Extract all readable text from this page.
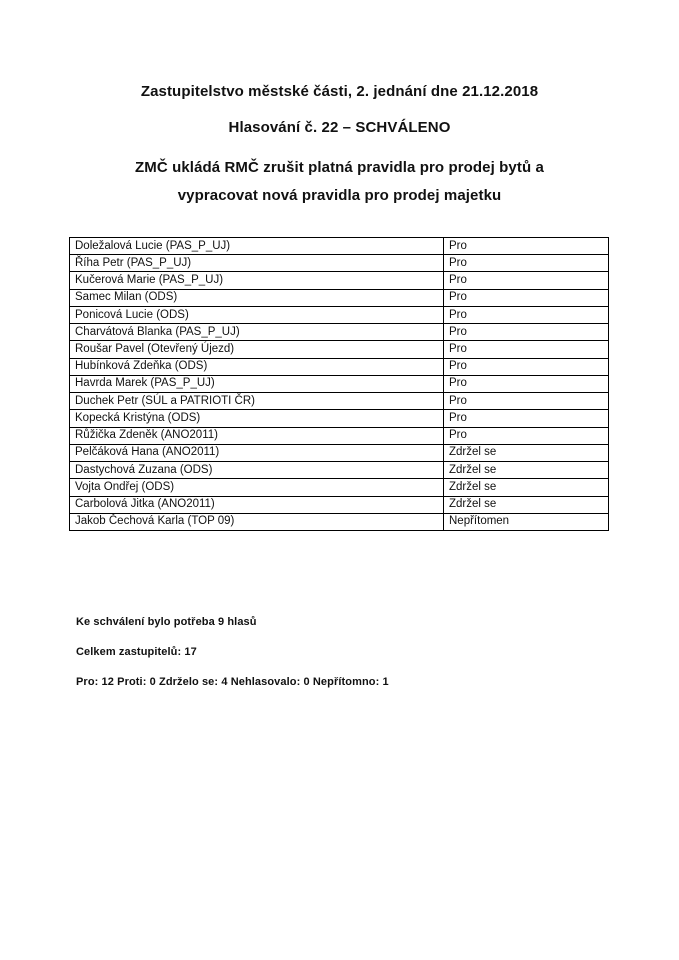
Zastupitelstvo městské části, 2. jednání dne 21.12.2018
Hlasování č. 22 – SCHVÁLENO
ZMČ ukládá RMČ zrušit platná pravidla pro prodej bytů a
vypracovat nová pravidla pro prodej majetku
Doležalová Lucie (PAS_P_UJ)	Pro
Říha Petr (PAS_P_UJ)	Pro
Kučerová Marie (PAS_P_UJ)	Pro
Samec Milan (ODS)	Pro
Ponicová Lucie (ODS)	Pro
Charvátová Blanka (PAS_P_UJ)	Pro
Roušar Pavel (Otevřený Újezd)	Pro
Hubínková Zdeňka (ODS)	Pro
Havrda Marek (PAS_P_UJ)	Pro
Duchek Petr (SÚL a PATRIOTI ČR)	Pro
Kopecká Kristýna (ODS)	Pro
Růžička Zdeněk (ANO2011)	Pro
Pelčáková Hana (ANO2011)	Zdržel se
Dastychová Zuzana (ODS)	Zdržel se
Vojta Ondřej (ODS)	Zdržel se
Carbolová Jitka (ANO2011)	Zdržel se
Jakob Čechová Karla (TOP 09)	Nepřítomen
Ke schválení bylo potřeba 9 hlasů
Celkem zastupitelů: 17
Pro: 12 Proti: 0 Zdrželo se: 4 Nehlasovalo: 0 Nepřítomno: 1
